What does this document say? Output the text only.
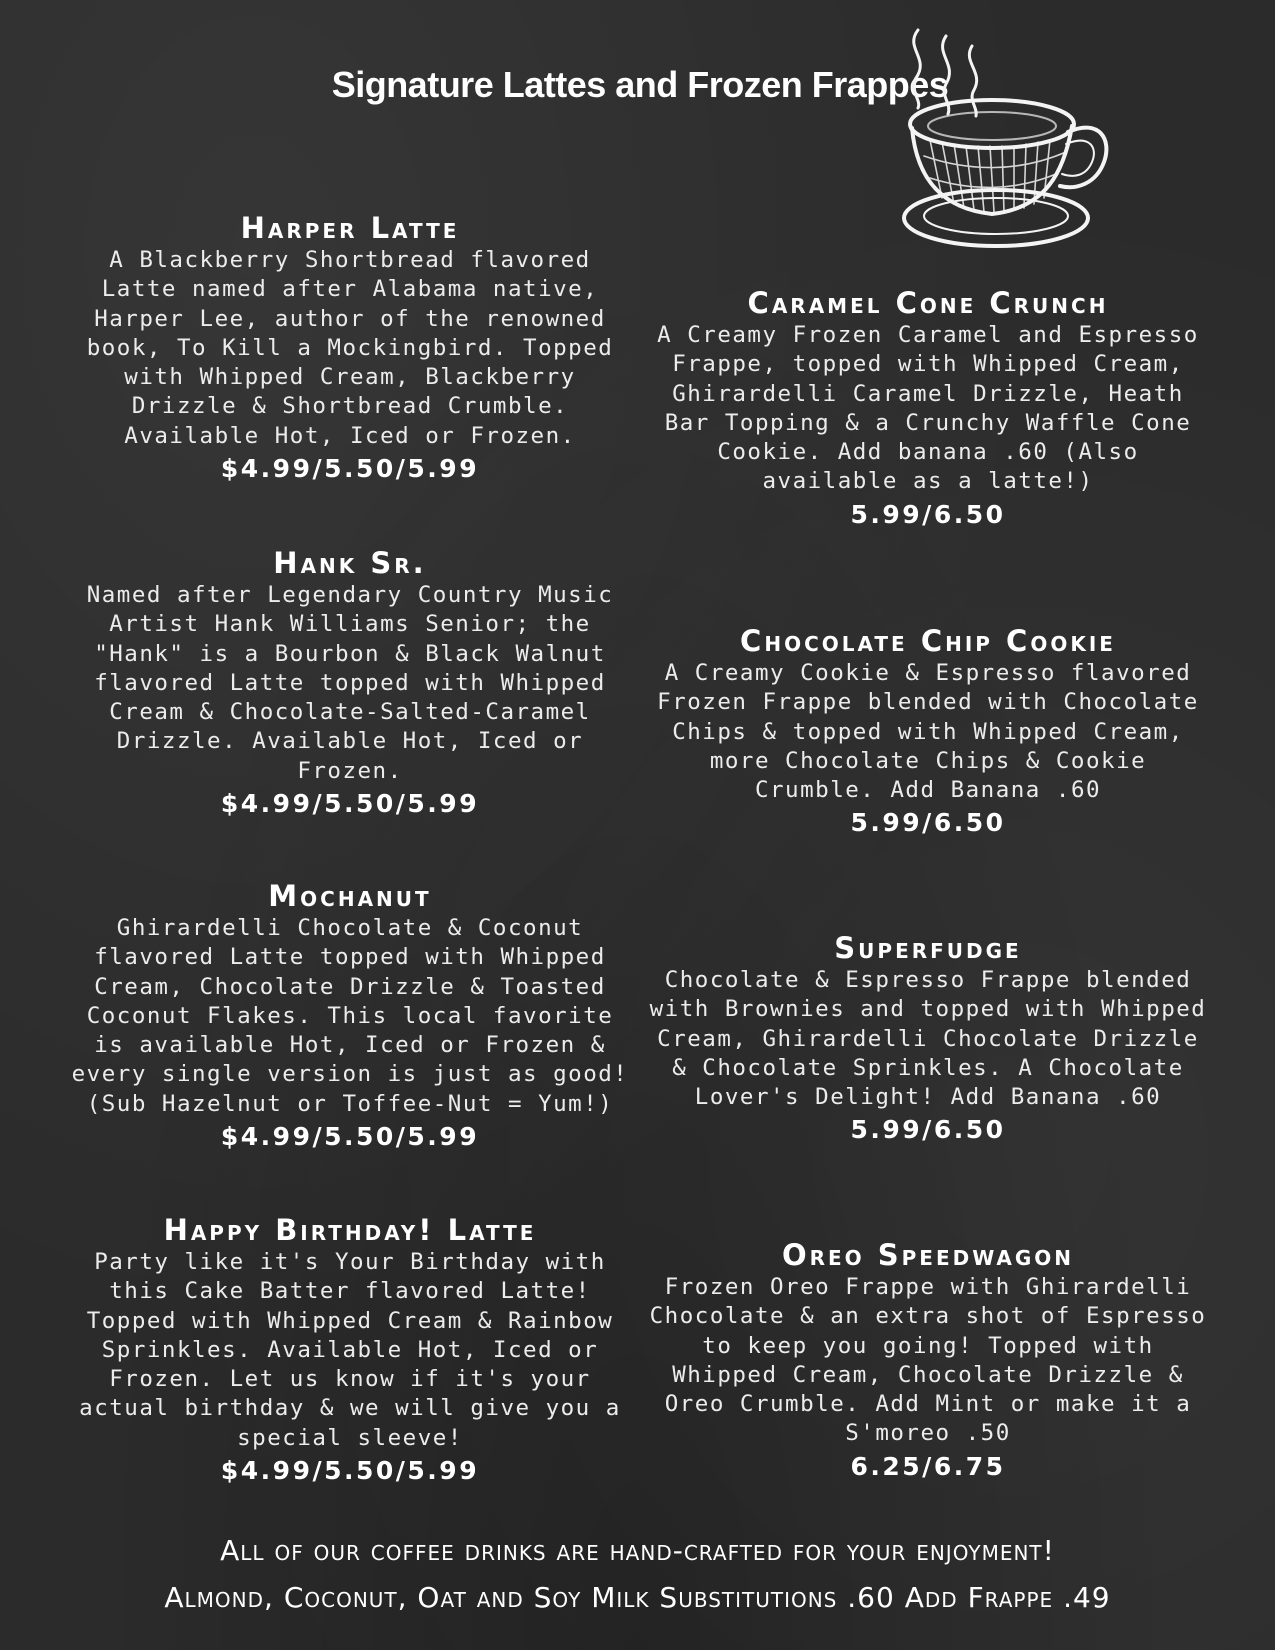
Signature Lattes and Frozen Frappes
Harper Latte
A Blackberry Shortbread flavored Latte named after Alabama native, Harper Lee, author of the renowned book, To Kill a Mockingbird. Topped with Whipped Cream, Blackberry Drizzle & Shortbread Crumble. Available Hot, Iced or Frozen.
$4.99/5.50/5.99
Hank Sr.
Named after Legendary Country Music Artist Hank Williams Senior; the "Hank" is a Bourbon & Black Walnut flavored Latte topped with Whipped Cream & Chocolate-Salted-Caramel Drizzle. Available Hot, Iced or Frozen.
$4.99/5.50/5.99
Mochanut
Ghirardelli Chocolate & Coconut flavored Latte topped with Whipped Cream, Chocolate Drizzle & Toasted Coconut Flakes. This local favorite is available Hot, Iced or Frozen & every single version is just as good! (Sub Hazelnut or Toffee-Nut = Yum!)
$4.99/5.50/5.99
Happy Birthday! Latte
Party like it's Your Birthday with this Cake Batter flavored Latte! Topped with Whipped Cream & Rainbow Sprinkles. Available Hot, Iced or Frozen. Let us know if it's your actual birthday & we will give you a special sleeve!
$4.99/5.50/5.99
Caramel Cone Crunch
A Creamy Frozen Caramel and Espresso Frappe, topped with Whipped Cream, Ghirardelli Caramel Drizzle, Heath Bar Topping & a Crunchy Waffle Cone Cookie. Add banana .60 (Also available as a latte!)
5.99/6.50
Chocolate Chip Cookie
A Creamy Cookie & Espresso flavored Frozen Frappe blended with Chocolate Chips & topped with Whipped Cream, more Chocolate Chips & Cookie Crumble. Add Banana .60
5.99/6.50
Superfudge
Chocolate & Espresso Frappe blended with Brownies and topped with Whipped Cream, Ghirardelli Chocolate Drizzle & Chocolate Sprinkles. A Chocolate Lover's Delight! Add Banana .60
5.99/6.50
Oreo Speedwagon
Frozen Oreo Frappe with Ghirardelli Chocolate & an extra shot of Espresso to keep you going! Topped with Whipped Cream, Chocolate Drizzle & Oreo Crumble. Add Mint or make it a S'moreo .50
6.25/6.75
All of our coffee drinks are hand-crafted for your enjoyment!
Almond, Coconut, Oat and Soy Milk Substitutions .60 Add Frappe .49
